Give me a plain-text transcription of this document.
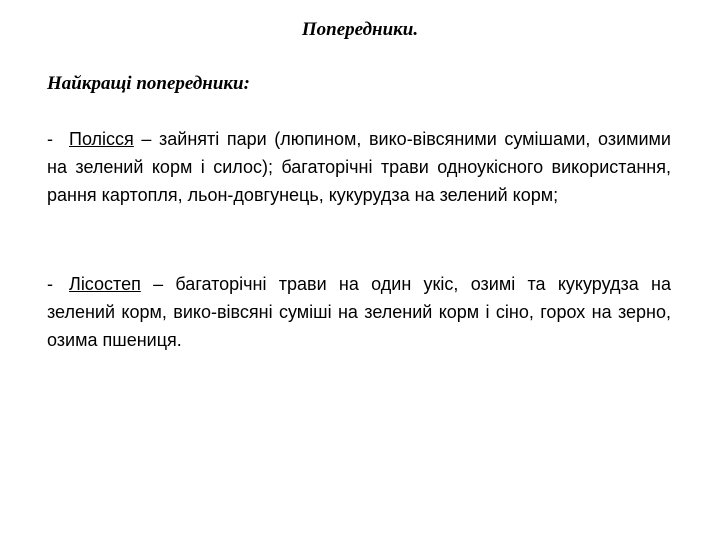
Попередники.
Найкращі попередники:
- Полісся – зайняті пари (люпином, вико-вівсяними сумішами, озимими на зелений корм і силос); багаторічні трави одноукісного використання, рання картопля, льон-довгунець, кукурудза на зелений корм;
- Лісостеп – багаторічні трави на один укіс, озимі та кукурудза на зелений корм, вико-вівсяні суміші на зелений корм і сіно, горох на зерно, озима пшениця.
